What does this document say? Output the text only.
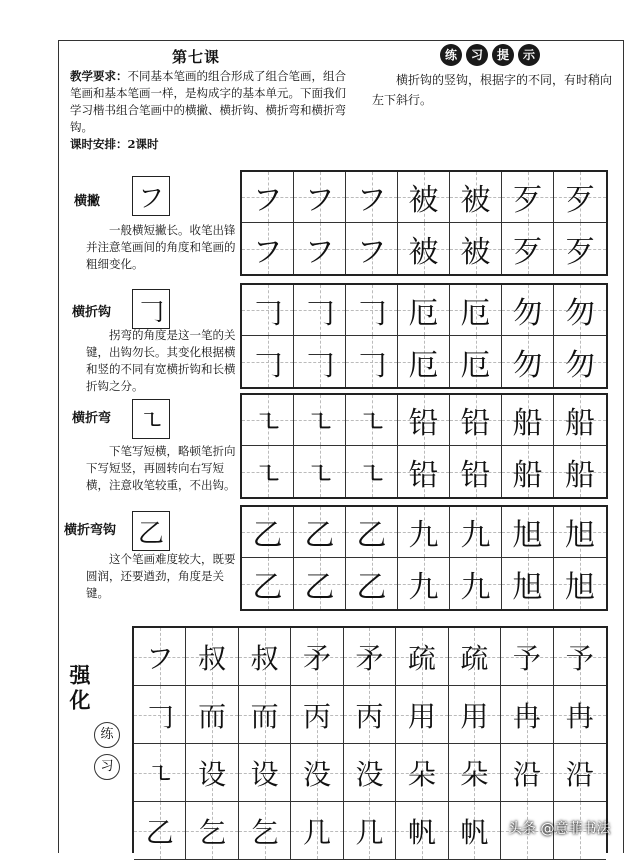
第七课
教学要求：不同基本笔画的组合形成了组合笔画，组合笔画和基本笔画一样，是构成字的基本单元。下面我们学习楷书组合笔画中的横撇、横折钩、横折弯和横折弯钩。
课时安排：2课时
练	习	提	示
横折钩的竖钩，根据字的不同，有时稍向左下斜行。
横撇 フ
一般横短撇长。收笔出锋并注意笔画间的角度和笔画的粗细变化。
フ フ フ 被 被 歹 歹
フ フ フ 被 被 歹 歹
横折钩 𠃌
拐弯的角度是这一笔的关键，出钩勿长。其变化根据横和竖的不同有宽横折钩和长横折钩之分。
𠃌 𠃌 𠃌 厄 厄 勿 勿
𠃌 𠃌 𠃌 厄 厄 勿 勿
横折弯 ㇍
下笔写短横，略顿笔折向下写短竖，再圆转向右写短横，注意收笔较重，不出钩。
㇍ ㇍ ㇍ 铅 铅 船 船
㇍ ㇍ ㇍ 铅 铅 船 船
横折弯钩 乙
这个笔画难度较大，既要圆润，还要遒劲，角度是关键。
乙 乙 乙 九 九 旭 旭
乙 乙 乙 九 九 旭 旭
フ 叔 叔 矛 矛 疏 疏 予 予
𠃌 而 而 丙 丙 用 用 冉 冉
㇍ 设 设 没 没 朵 朵 沿 沿
乙 乞 乞 几 几 帆 帆
强化
练
习
头条 @意菲书法
